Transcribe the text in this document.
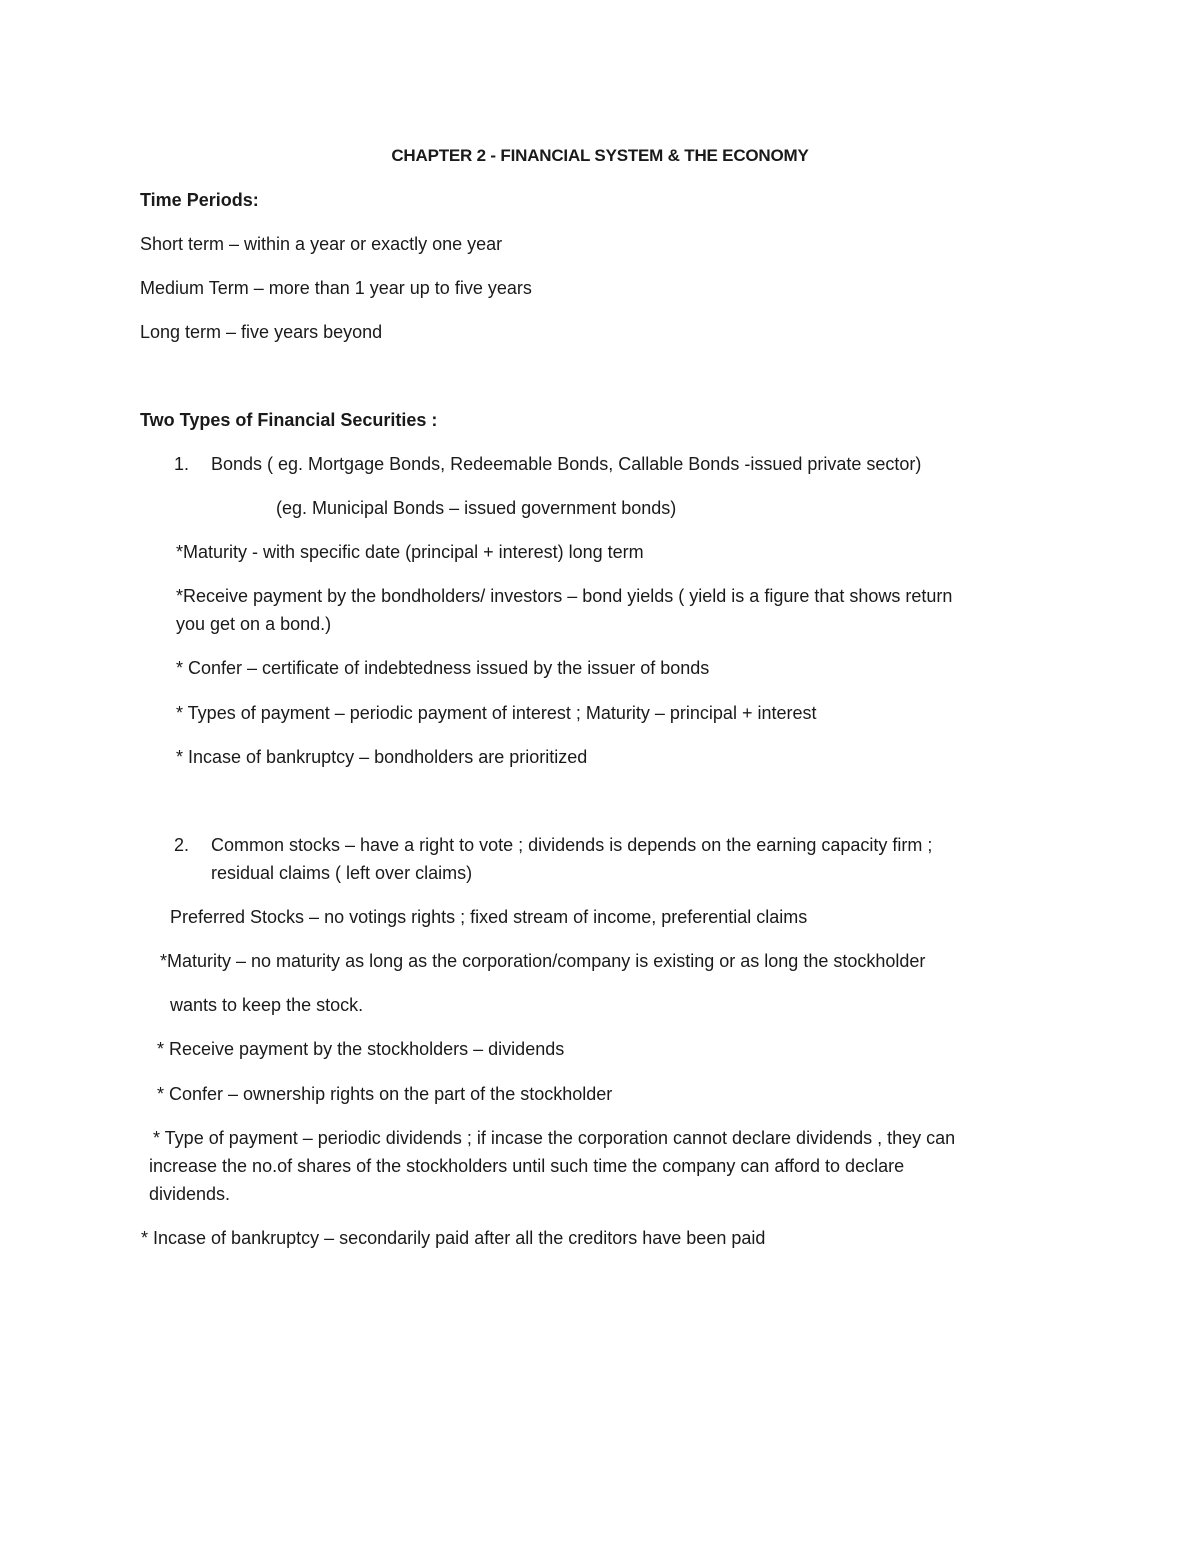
CHAPTER 2 - FINANCIAL SYSTEM & THE ECONOMY
Time Periods:
Short term – within a year or exactly one year
Medium Term – more than 1 year up to five years
Long term – five years beyond
Two Types of Financial Securities :
1. Bonds ( eg. Mortgage Bonds, Redeemable Bonds, Callable Bonds -issued private sector)
(eg. Municipal Bonds – issued government bonds)
*Maturity - with specific date (principal + interest) long term
*Receive payment by the bondholders/ investors – bond yields ( yield is a figure that shows return
you get on a bond.)
* Confer – certificate of indebtedness issued by the issuer of bonds
* Types of payment – periodic payment of interest ; Maturity – principal + interest
* Incase of bankruptcy – bondholders are prioritized
2. Common stocks – have a right to vote ; dividends is depends on the earning capacity firm ;
residual claims ( left over claims)
Preferred Stocks – no votings rights ; fixed stream of income, preferential claims
*Maturity – no maturity as long as the corporation/company is existing or as long the stockholder
wants to keep the stock.
* Receive payment by the stockholders – dividends
* Confer – ownership rights on the part of the stockholder
* Type of payment – periodic dividends ; if incase the corporation cannot declare dividends , they can
increase the no.of shares of the stockholders until such time the company can afford to declare
dividends.
* Incase of bankruptcy – secondarily paid after all the creditors have been paid
